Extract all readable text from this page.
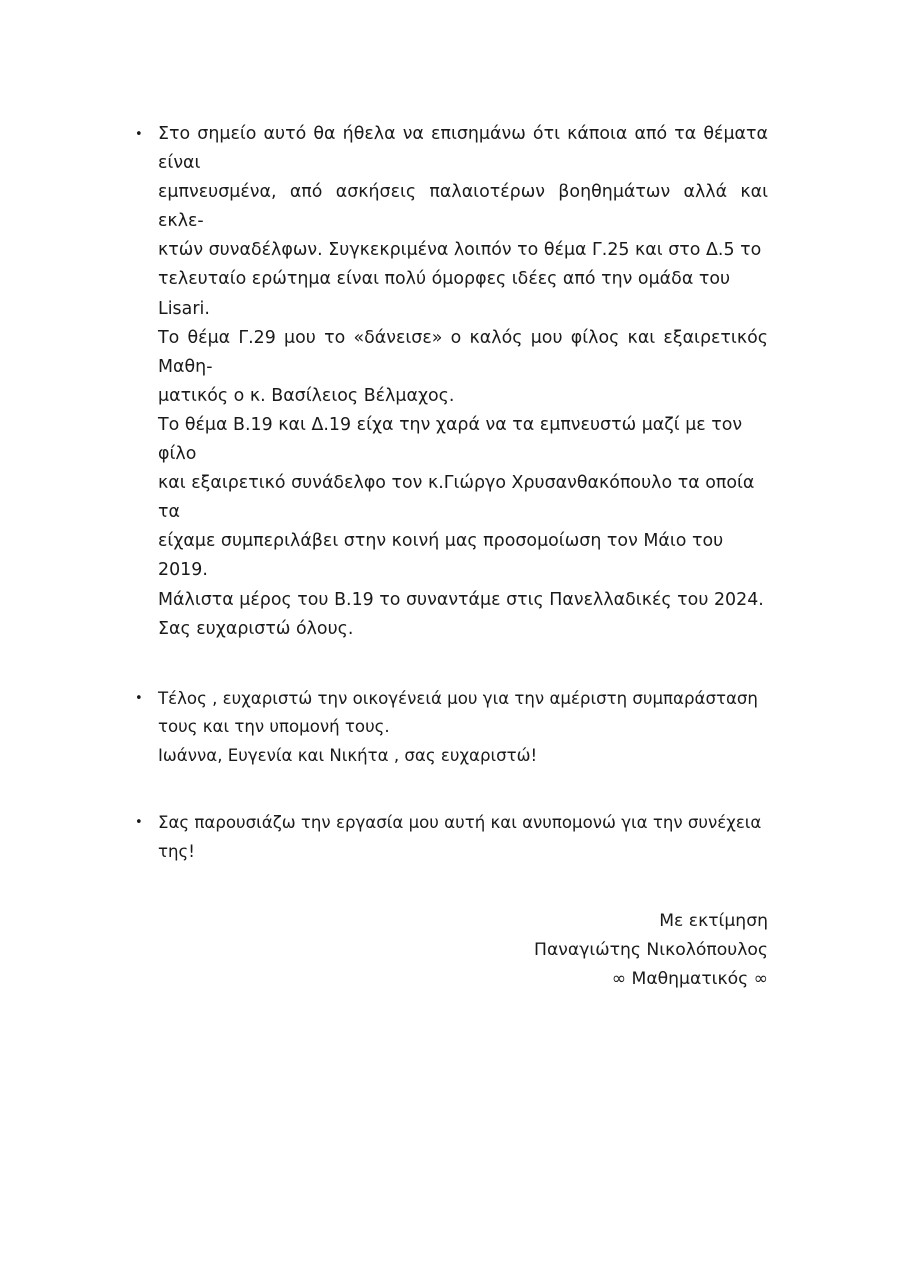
• Στο σημείο αυτό θα ήθελα να επισημάνω ότι κάποια από τα θέματα είναι

εμπνευσμένα, από ασκήσεις παλαιοτέρων βοηθημάτων αλλά και εκλε-

κτών συναδέλφων. Συγκεκριμένα λοιπόν το θέμα Γ.25 και στο Δ.5 το

τελευταίο ερώτημα είναι πολύ όμορφες ιδέες από την ομάδα του Lisari.

Το θέμα Γ.29 μου το «δάνεισε» ο καλός μου φίλος και εξαιρετικός Μαθη-

ματικός ο κ. Βασίλειος Βέλμαχος.

Το θέμα Β.19 και Δ.19 είχα την χαρά να τα εμπνευστώ μαζί με τον φίλο

και εξαιρετικό συνάδελφο τον κ.Γιώργο Χρυσανθακόπουλο τα οποία τα

είχαμε συμπεριλάβει στην κοινή μας προσομοίωση τον Μάιο του 2019.

Μάλιστα μέρος του Β.19 το συναντάμε στις Πανελλαδικές του 2024.

Σας ευχαριστώ όλους.

• Τέλος , ευχαριστώ την οικογένειά μου για την αμέριστη συμπαράσταση

τους και την υπομονή τους.

Ιωάννα, Ευγενία και Νικήτα , σας ευχαριστώ!

• Σας παρουσιάζω την εργασία μου αυτή και ανυπομονώ για την συνέχεια

της!

Με εκτίμηση

Παναγιώτης Νικολόπουλος

∞ Μαθηματικός ∞
